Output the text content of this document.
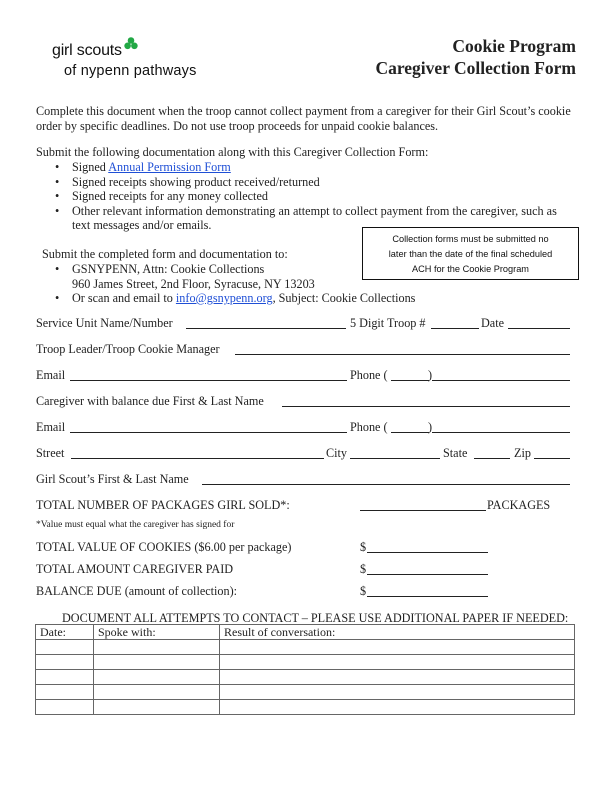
girl scouts
of nypenn pathways
Cookie Program
Caregiver Collection Form

Complete this document when the troop cannot collect payment from a caregiver for their Girl Scout’s cookie order by specific deadlines. Do not use troop proceeds for unpaid cookie balances.

Submit the following documentation along with this Caregiver Collection Form:

• Signed Annual Permission Form
• Signed receipts showing product received/returned
• Signed receipts for any money collected
• Other relevant information demonstrating an attempt to collect payment from the caregiver, such as text messages and/or emails.
Collection forms must be submitted no
later than the date of the final scheduled
ACH for the Cookie Program

Submit the completed form and documentation to:

• GSNYPENN, Attn: Cookie Collections
960 James Street, 2nd Floor, Syracuse, NY 13203
• Or scan and email to info@gsnypenn.org, Subject: Cookie Collections
Service Unit Name/Number	5 Digit Troop #	Date
Troop Leader/Troop Cookie Manager
Email	Phone (	)
Caregiver with balance due First & Last Name
Email	Phone (	)
Street	City	State	Zip
Girl Scout’s First & Last Name
TOTAL NUMBER OF PACKAGES GIRL SOLD*:	PACKAGES
*Value must equal what the caregiver has signed for
TOTAL VALUE OF COOKIES ($6.00 per package)	$
TOTAL AMOUNT CAREGIVER PAID	$
BALANCE DUE (amount of collection):	$
DOCUMENT ALL ATTEMPTS TO CONTACT – PLEASE USE ADDITIONAL PAPER IF NEEDED:
Date:	Spoke with:	Result of conversation:
